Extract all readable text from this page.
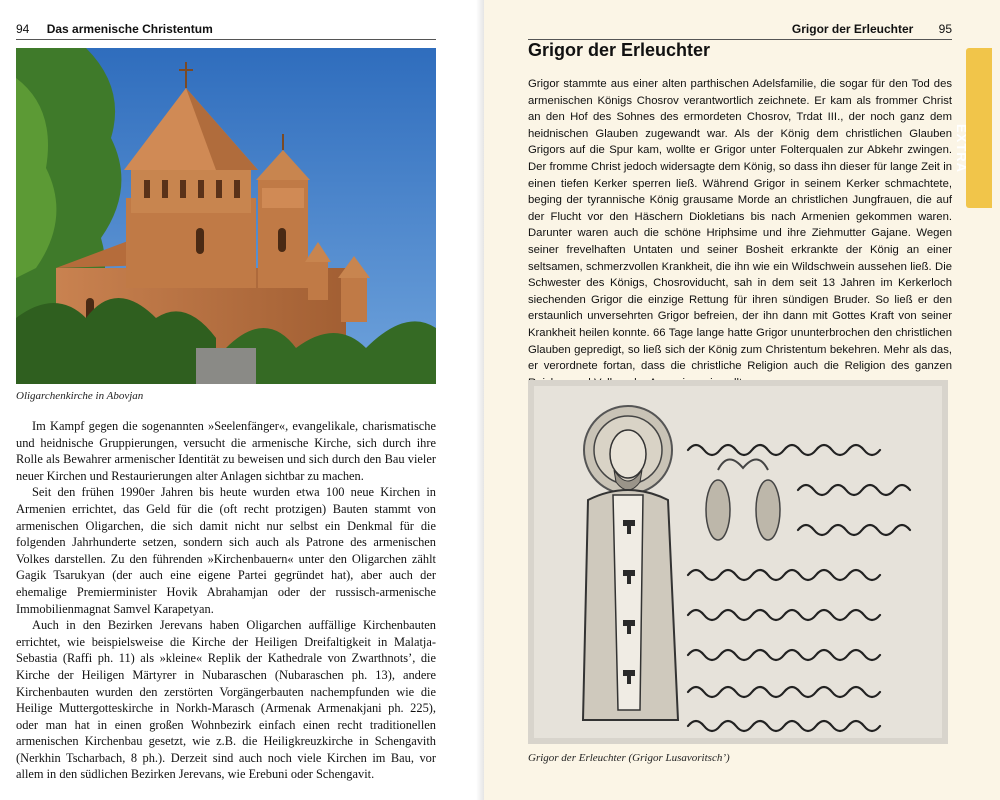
94 Das armenische Christentum
Oligarchenkirche in Abovjan

Im Kampf gegen die sogenannten »Seelenfänger«, evangelikale, charismatische und heidnische Gruppierungen, versucht die armenische Kirche, sich durch ihre Rolle als Bewahrer armenischer Identität zu beweisen und sich durch den Bau vieler neuer Kirchen und Restaurierungen alter Anlagen sichtbar zu machen.

Seit den frühen 1990er Jahren bis heute wurden etwa 100 neue Kirchen in Armenien errichtet, das Geld für die (oft recht protzigen) Bauten stammt von armenischen Oligarchen, die sich damit nicht nur selbst ein Denkmal für die folgenden Jahrhunderte setzen, sondern sich auch als Patrone des armenischen Volkes darstellen. Zu den führenden »Kirchenbauern« unter den Oligarchen zählt Gagik Tsarukyan (der auch eine eigene Partei gegründet hat), aber auch der ehemalige Premierminister Hovik Abrahamjan oder der russisch-armenische Immobilienmagnat Samvel Karapetyan.

Auch in den Bezirken Jerevans haben Oligarchen auffällige Kirchenbauten errichtet, wie beispielsweise die Kirche der Heiligen Dreifaltigkeit in Malatja-Sebastia (Raffi ph. 11) als »kleine« Replik der Kathedrale von Zwarthnots’, die Kirche der Heiligen Märtyrer in Nubaraschen (Nubaraschen ph. 13), andere Kirchenbauten wurden den zerstörten Vorgängerbauten nachempfunden wie die Heilige Muttergotteskirche in Norkh-Marasch (Armenak Armenakjani ph. 225), oder man hat in einen großen Wohnbezirk einfach einen recht traditionellen armenischen Kirchenbau gesetzt, wie z.B. die Heiligkreuzkirche in Schengavith (Nerkhin Tscharbach, 8 ph.). Derzeit sind auch noch viele Kirchen im Bau, vor allem in den südlichen Bezirken Jerevans, wie Erebuni oder Schengavit.

Grigor der Erleuchter 95
Grigor der Erleuchter

Grigor stammte aus einer alten parthischen Adelsfamilie, die sogar für den Tod des armenischen Königs Chosrov verantwortlich zeichnete. Er kam als frommer Christ an den Hof des Sohnes des ermordeten Chosrov, Trdat III., der noch ganz dem heidnischen Glauben zugewandt war. Als der König dem christlichen Glauben Grigors auf die Spur kam, wollte er Grigor unter Folterqualen zur Abkehr zwingen. Der fromme Christ jedoch widersagte dem König, so dass ihn dieser für lange Zeit in einen tiefen Kerker sperren ließ. Während Grigor in seinem Kerker schmachtete, beging der tyrannische König grausame Morde an christlichen Jungfrauen, die auf der Flucht vor den Häschern Diokletians bis nach Armenien gekommen waren. Darunter waren auch die schöne Hriphsime und ihre Ziehmutter Gajane. Wegen seiner frevelhaften Untaten und seiner Bosheit erkrankte der König an einer seltsamen, schmerzvollen Krankheit, die ihn wie ein Wildschwein aussehen ließ. Die Schwester des Königs, Chosroviducht, sah in dem seit 13 Jahren im Kerkerloch siechenden Grigor die einzige Rettung für ihren sündigen Bruder. So ließ er den erstaunlich unversehrten Grigor befreien, der ihn dann mit Gottes Kraft von seiner Krankheit heilen konnte. 66 Tage lange hatte Grigor ununterbrochen den christlichen Glauben gepredigt, so ließ sich der König zum Christentum bekehren. Mehr als das, er verordnete fortan, dass die christliche Religion auch die Religion des ganzen

Grigor der Erleuchter (Grigor Lusavoritsch’)
EXTRA
